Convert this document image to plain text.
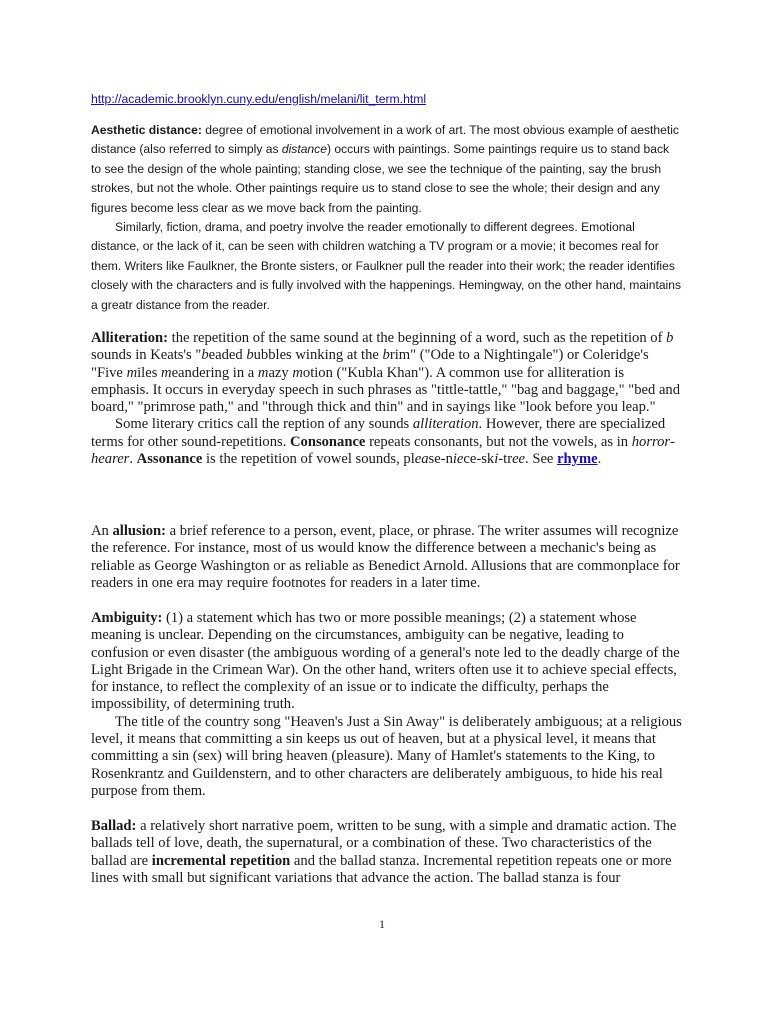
http://academic.brooklyn.cuny.edu/english/melani/lit_term.html

Aesthetic distance: degree of emotional involvement in a work of art. The most obvious example of aesthetic distance (also referred to simply as distance) occurs with paintings. Some paintings require us to stand back to see the design of the whole painting; standing close, we see the technique of the painting, say the brush strokes, but not the whole. Other paintings require us to stand close to see the whole; their design and any figures become less clear as we move back from the painting.

Similarly, fiction, drama, and poetry involve the reader emotionally to different degrees. Emotional distance, or the lack of it, can be seen with children watching a TV program or a movie; it becomes real for them. Writers like Faulkner, the Bronte sisters, or Faulkner pull the reader into their work; the reader identifies closely with the characters and is fully involved with the happenings. Hemingway, on the other hand, maintains a greatr distance from the reader.

Alliteration: the repetition of the same sound at the beginning of a word, such as the repetition of b sounds in Keats's "beaded bubbles winking at the brim" ("Ode to a Nightingale") or Coleridge's "Five miles meandering in a mazy motion ("Kubla Khan"). A common use for alliteration is emphasis. It occurs in everyday speech in such phrases as "tittle-tattle," "bag and baggage," "bed and board," "primrose path," and "through thick and thin" and in sayings like "look before you leap."

Some literary critics call the reption of any sounds alliteration. However, there are specialized terms for other sound-repetitions. Consonance repeats consonants, but not the vowels, as in horror-hearer. Assonance is the repetition of vowel sounds, please-niece-ski-tree. See rhyme.

An allusion: a brief reference to a person, event, place, or phrase. The writer assumes will recognize the reference. For instance, most of us would know the difference between a mechanic's being as reliable as George Washington or as reliable as Benedict Arnold. Allusions that are commonplace for readers in one era may require footnotes for readers in a later time.

Ambiguity: (1) a statement which has two or more possible meanings; (2) a statement whose meaning is unclear. Depending on the circumstances, ambiguity can be negative, leading to confusion or even disaster (the ambiguous wording of a general's note led to the deadly charge of the Light Brigade in the Crimean War). On the other hand, writers often use it to achieve special effects, for instance, to reflect the complexity of an issue or to indicate the difficulty, perhaps the impossibility, of determining truth.

The title of the country song "Heaven's Just a Sin Away" is deliberately ambiguous; at a religious level, it means that committing a sin keeps us out of heaven, but at a physical level, it means that committing a sin (sex) will bring heaven (pleasure). Many of Hamlet's statements to the King, to Rosenkrantz and Guildenstern, and to other characters are deliberately ambiguous, to hide his real purpose from them.

Ballad: a relatively short narrative poem, written to be sung, with a simple and dramatic action. The ballads tell of love, death, the supernatural, or a combination of these. Two characteristics of the ballad are incremental repetition and the ballad stanza. Incremental repetition repeats one or more lines with small but significant variations that advance the action. The ballad stanza is four

1
